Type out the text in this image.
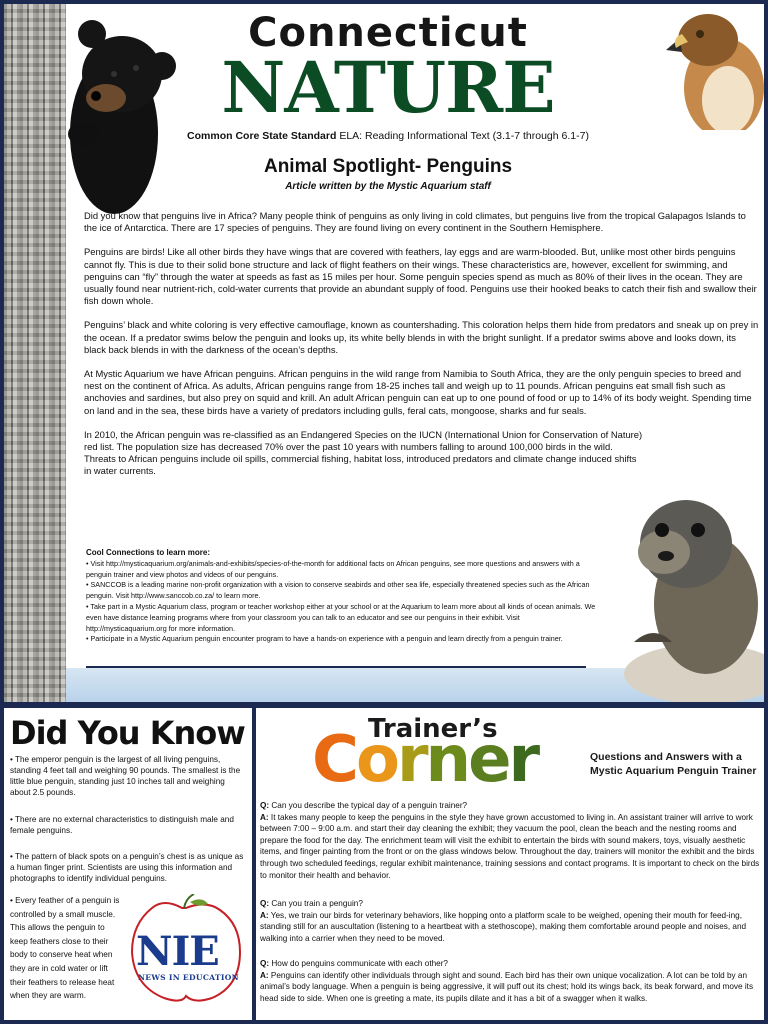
Connecticut
NATURE
Common Core State Standard ELA: Reading Informational Text (3.1-7 through 6.1-7)
Animal Spotlight- Penguins
Article written by the Mystic Aquarium staff

Did you know that penguins live in Africa? Many people think of penguins as only living in cold climates, but penguins live from the tropical Galapagos Islands to the ice of Antarctica. There are 17 species of penguins. They are found living on every continent in the Southern Hemisphere.

Penguins are birds! Like all other birds they have wings that are covered with feathers, lay eggs and are warm-blooded. But, unlike most other birds penguins cannot fly. This is due to their solid bone structure and lack of flight feathers on their wings. These characteristics are, however, excellent for swimming, and penguins can “fly” through the water at speeds as fast as 15 miles per hour. Some penguin species spend as much as 80% of their lives in the ocean. They are usually found near nutrient-rich, cold-water currents that provide an abundant supply of food. Penguins use their hooked beaks to catch their fish and swallow their fish down whole.

Penguins’ black and white coloring is very effective camouflage, known as countershading. This coloration helps them hide from predators and sneak up on prey in the ocean. If a predator swims below the penguin and looks up, its white belly blends in with the bright sunlight. If a predator swims above and looks down, its black back blends in with the darkness of the ocean’s depths.

At Mystic Aquarium we have African penguins. African penguins in the wild range from Namibia to South Africa, they are the only penguin species to breed and nest on the continent of Africa. As adults, African penguins range from 18-25 inches tall and weigh up to 11 pounds. African penguins eat small fish such as anchovies and sardines, but also prey on squid and krill. An adult African penguin can eat up to one pound of food or up to 14% of its body weight. Spending time on land and in the sea, these birds have a variety of predators including gulls, feral cats, mongoose, sharks and fur seals.

In 2010, the African penguin was re-classified as an Endangered Species on the IUCN (International Union for Conservation of Nature) red list. The population size has decreased 70% over the past 10 years with numbers falling to around 100,000 birds in the wild. Threats to African penguins include oil spills, commercial fishing, habitat loss, introduced predators and climate change induced shifts in water currents.

Cool Connections to learn more:
• Visit http://mysticaquarium.org/animals-and-exhibits/species-of-the-month for additional facts on African penguins, see more questions and answers with a penguin trainer and view photos and videos of our penguins.
• SANCCOB is a leading marine non-profit organization with a vision to conserve seabirds and other sea life, especially threatened species such as the African penguin. Visit http://www.sanccob.co.za/ to learn more.
• Take part in a Mystic Aquarium class, program or teacher workshop either at your school or at the Aquarium to learn more about all kinds of ocean animals. We even have distance learning programs where from your classroom you can talk to an educator and see our penguins in their exhibit. Visit http://mysticaquarium.org for more information.
• Participate in a Mystic Aquarium penguin encounter program to have a hands-on experience with a penguin and learn directly from a penguin trainer.
Did You Know
• The emperor penguin is the largest of all living penguins, standing 4 feet tall and weighing 90 pounds. The smallest is the little blue penguin, standing just 10 inches tall and weighing about 2.5 pounds.
• There are no external characteristics to distinguish male and female penguins.
• The pattern of black spots on a penguin’s chest is as unique as a human finger print. Scientists are using this information and photographs to identify individual penguins.
• Every feather of a penguin is controlled by a small muscle. This allows the penguin to keep feathers close to their body to conserve heat when they are in cold water or lift their feathers to release heat when they are warm.
NIE
NEWS IN EDUCATION
Trainer’s
Corner	Questions and Answers with a Mystic Aquarium Penguin Trainer
Q: Can you describe the typical day of a penguin trainer?
A: It takes many people to keep the penguins in the style they have grown accustomed to living in. An assistant trainer will arrive to work between 7:00 – 9:00 a.m. and start their day cleaning the exhibit; they vacuum the pool, clean the beach and the nesting rooms and prepare the food for the day. The enrichment team will visit the exhibit to entertain the birds with sound makers, toys, visually aesthetic items, and finger painting from the front or on the glass windows below. Throughout the day, trainers will monitor the exhibit and the birds through two scheduled feedings, regular exhibit maintenance, training sessions and contact programs. It is important to check on the birds to monitor their health and behavior.
Q: Can you train a penguin?
A: Yes, we train our birds for veterinary behaviors, like hopping onto a platform scale to be weighed, opening their mouth for feed-ing, standing still for an auscultation (listening to a heartbeat with a stethoscope), making them comfortable around people and noises, and walking into a carrier when they need to be moved.
Q: How do penguins communicate with each other?
A: Penguins can identify other individuals through sight and sound. Each bird has their own unique vocalization. A lot can be told by an animal’s body language. When a penguin is being aggressive, it will puff out its chest; hold its wings back, its beak forward, and move its head side to side. When one is greeting a mate, its pupils dilate and it has a bit of a swagger when it walks.
